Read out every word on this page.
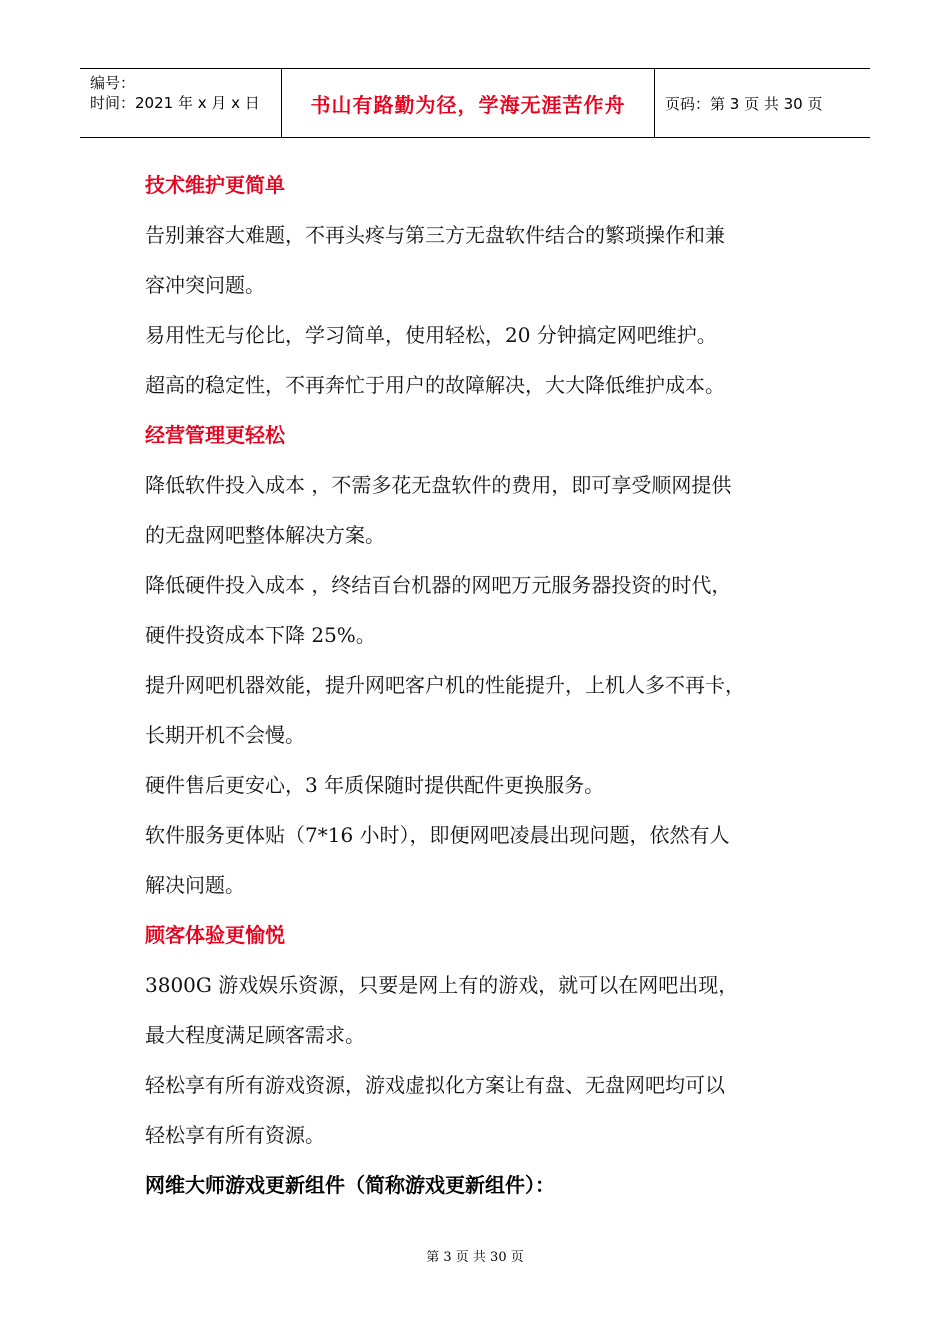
编号：
时间：2021 年 x 月 x 日	书山有路勤为径，学海无涯苦作舟	页码：第 3 页 共 30 页
技术维护更简单
告别兼容大难题，不再头疼与第三方无盘软件结合的繁琐操作和兼
容冲突问题。
易用性无与伦比，学习简单，使用轻松，20 分钟搞定网吧维护。
超高的稳定性，不再奔忙于用户的故障解决，大大降低维护成本。
经营管理更轻松
降低软件投入成本 ，不需多花无盘软件的费用，即可享受顺网提供
的无盘网吧整体解决方案。
降低硬件投入成本 ，终结百台机器的网吧万元服务器投资的时代，
硬件投资成本下降 25%。
提升网吧机器效能，提升网吧客户机的性能提升，上机人多不再卡，
长期开机不会慢。
硬件售后更安心，3 年质保随时提供配件更换服务。
软件服务更体贴（7*16 小时），即便网吧凌晨出现问题，依然有人
解决问题。
顾客体验更愉悦
3800G 游戏娱乐资源，只要是网上有的游戏，就可以在网吧出现，
最大程度满足顾客需求。
轻松享有所有游戏资源，游戏虚拟化方案让有盘、无盘网吧均可以
轻松享有所有资源。
网维大师游戏更新组件（简称游戏更新组件）：
第 3 页 共 30 页
